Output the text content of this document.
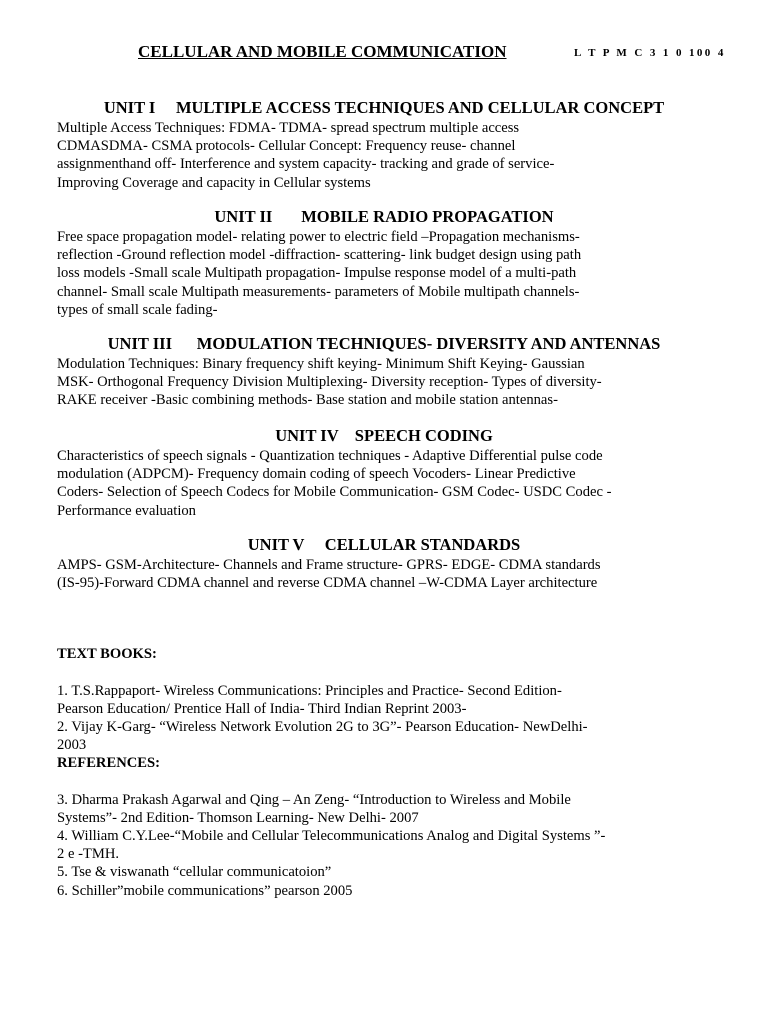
CELLULAR AND MOBILE COMMUNICATION	L T P M C 3 1 0 100 4
UNIT I     MULTIPLE ACCESS TECHNIQUES AND CELLULAR CONCEPT
Multiple Access Techniques: FDMA- TDMA- spread spectrum multiple access
CDMASDMA- CSMA protocols- Cellular Concept: Frequency reuse- channel
assignmenthand off- Interference and system capacity- tracking and grade of service-
Improving Coverage and capacity in Cellular systems
UNIT II       MOBILE RADIO PROPAGATION
Free space propagation model- relating power to electric field –Propagation mechanisms-
reflection -Ground reflection model -diffraction- scattering- link budget design using path
loss models -Small scale Multipath propagation- Impulse response model of a multi-path
channel- Small scale Multipath measurements- parameters of Mobile multipath channels-
types of small scale fading-
UNIT III      MODULATION TECHNIQUES- DIVERSITY AND ANTENNAS
Modulation Techniques: Binary frequency shift keying- Minimum Shift Keying- Gaussian
MSK- Orthogonal Frequency Division Multiplexing- Diversity reception- Types of diversity-
RAKE receiver -Basic combining methods- Base station and mobile station antennas-
UNIT IV    SPEECH CODING
Characteristics of speech signals - Quantization techniques - Adaptive Differential pulse code
modulation (ADPCM)- Frequency domain coding of speech Vocoders- Linear Predictive
Coders- Selection of Speech Codecs for Mobile Communication- GSM Codec- USDC Codec -
Performance evaluation
UNIT V     CELLULAR STANDARDS
AMPS- GSM-Architecture- Channels and Frame structure- GPRS- EDGE- CDMA standards
(IS-95)-Forward CDMA channel and reverse CDMA channel –W-CDMA Layer architecture

TEXT BOOKS:

1. T.S.Rappaport- Wireless Communications: Principles and Practice- Second Edition-
Pearson Education/ Prentice Hall of India- Third Indian Reprint 2003-
2. Vijay K-Garg- “Wireless Network Evolution 2G to 3G”- Pearson Education- NewDelhi-
2003

REFERENCES:

3. Dharma Prakash Agarwal and Qing – An Zeng- “Introduction to Wireless and Mobile
Systems”- 2nd Edition- Thomson Learning- New Delhi- 2007
4. William C.Y.Lee-“Mobile and Cellular Telecommunications Analog and Digital Systems ”-
2 e -TMH.
5. Tse & viswanath “cellular communicatoion”
6. Schiller”mobile communications” pearson 2005
